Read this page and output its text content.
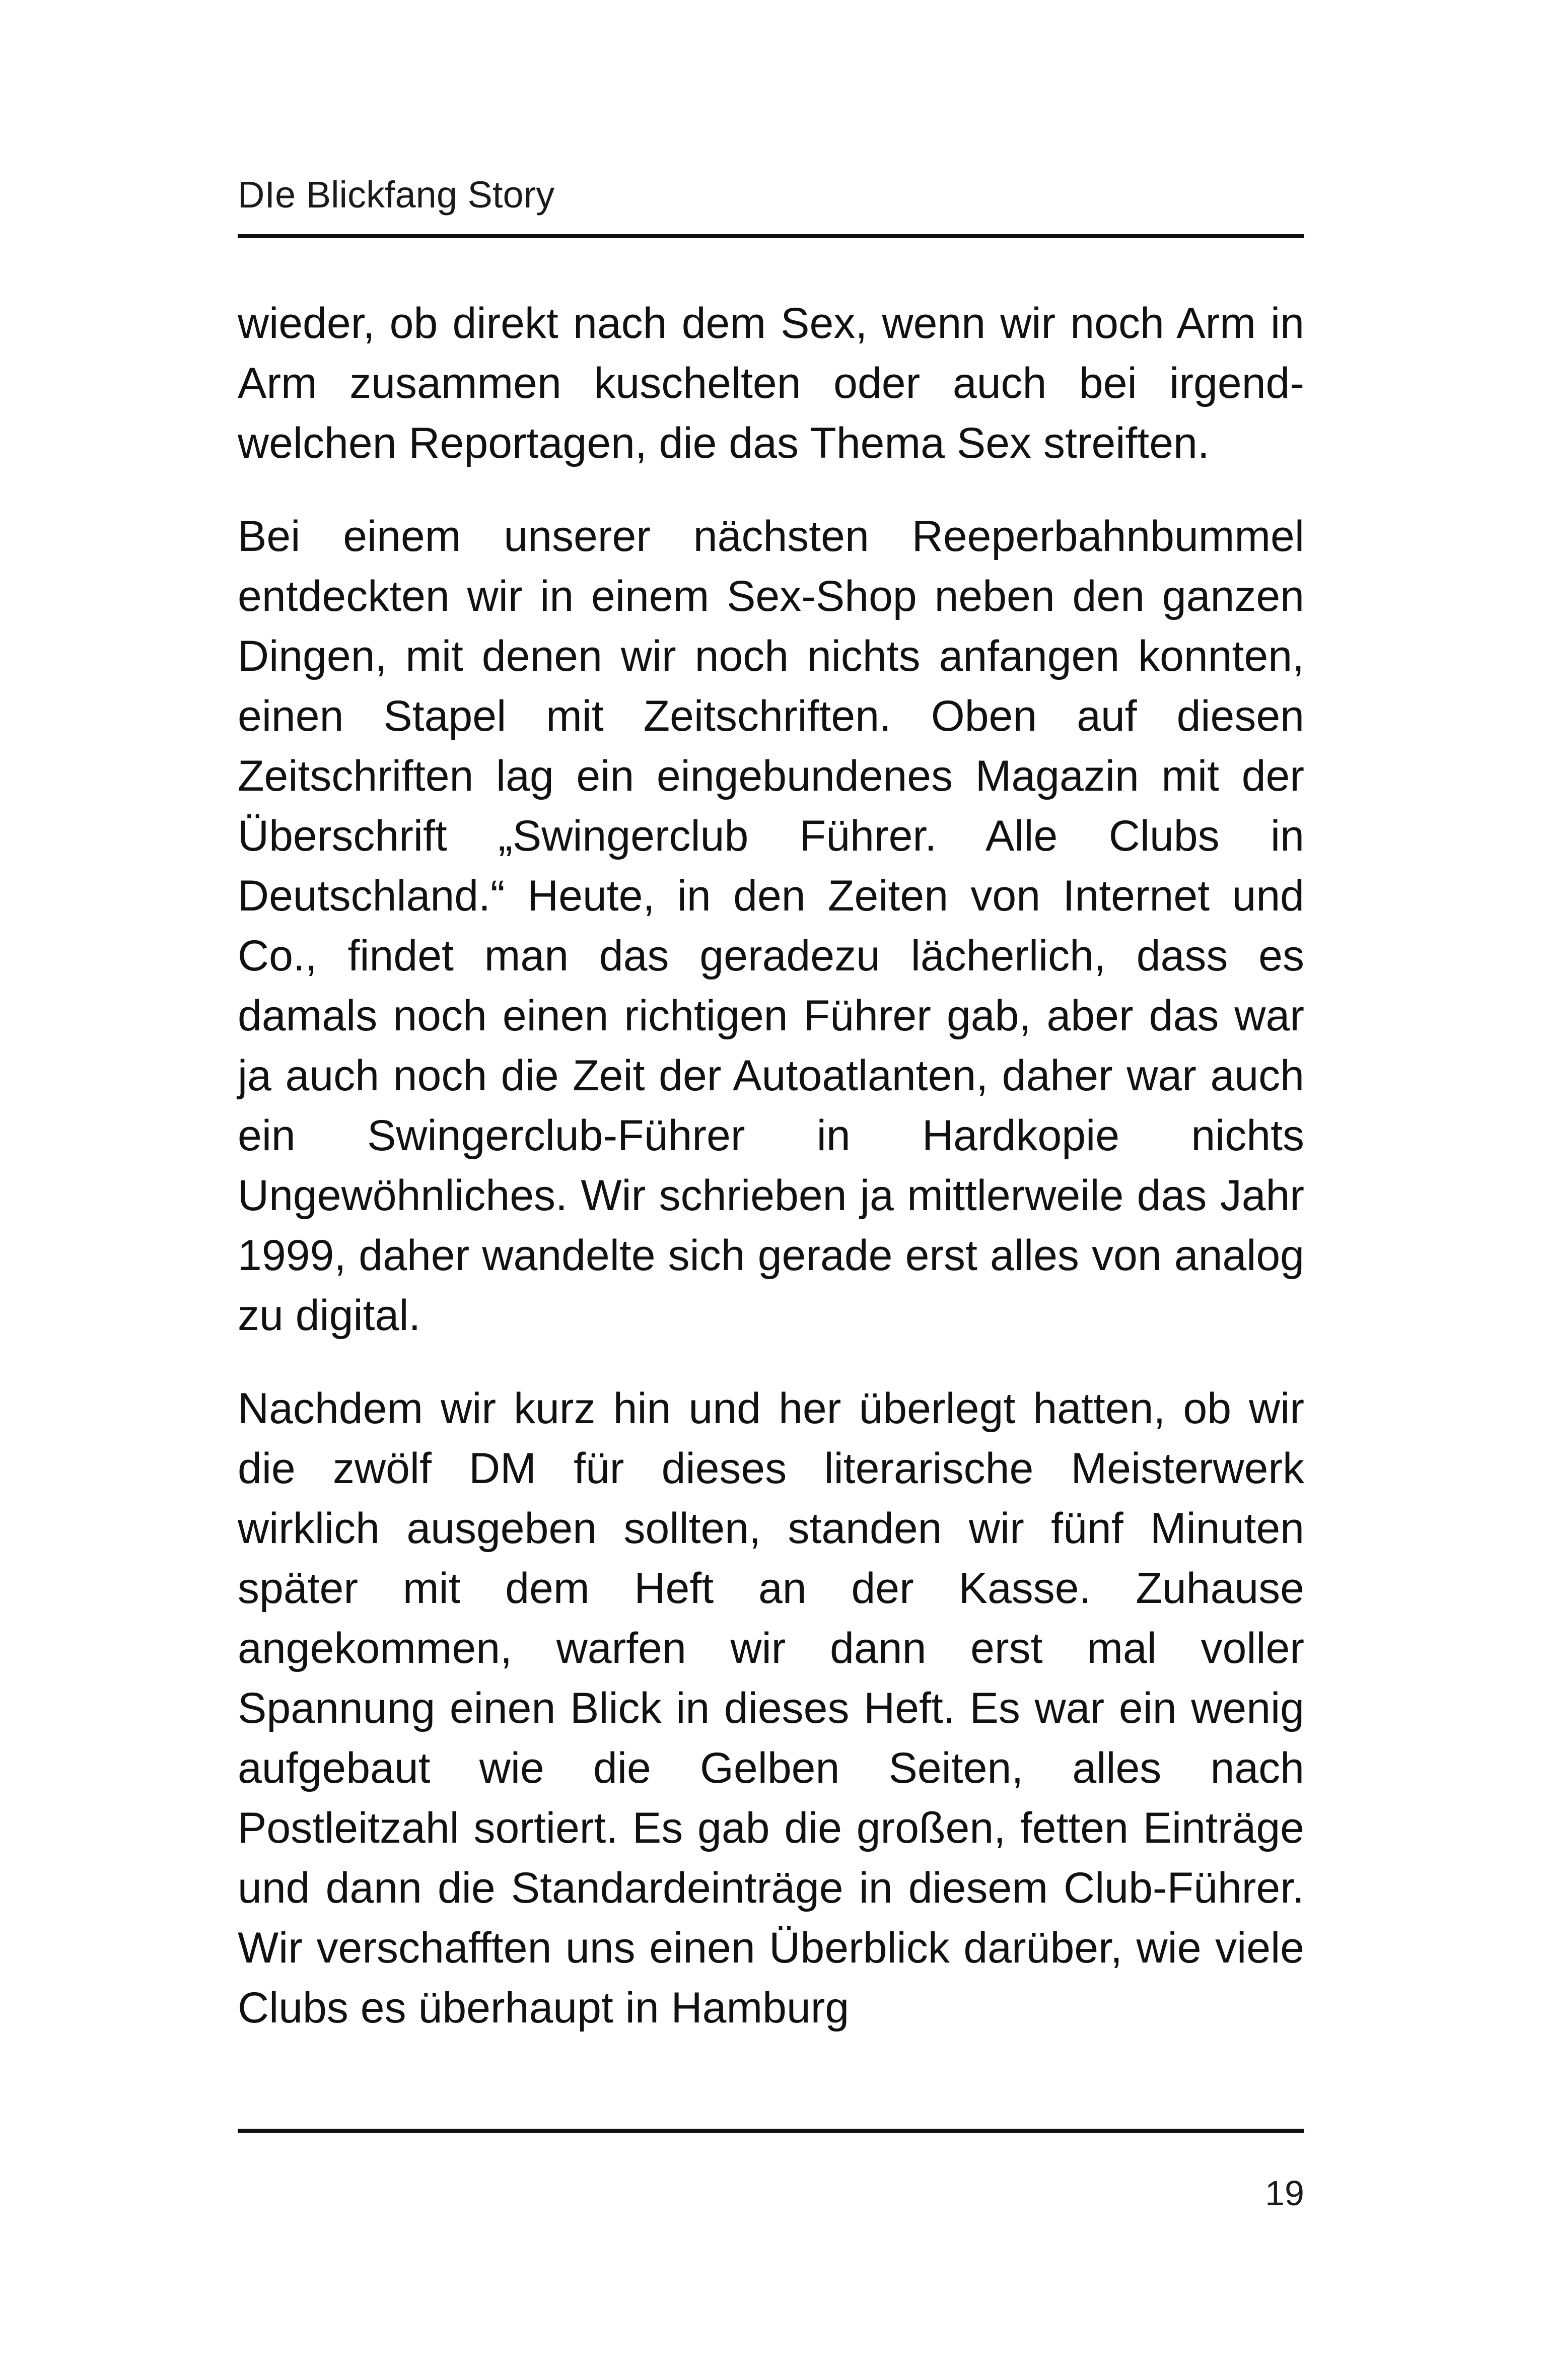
DIe Blickfang Story

wieder, ob direkt nach dem Sex, wenn wir noch Arm in Arm zusammen kuschelten oder auch bei irgendwelchen Reportagen, die das Thema Sex streiften.

Bei einem unserer nächsten Reeperbahnbummel entdeckten wir in einem Sex-Shop neben den ganzen Dingen, mit denen wir noch nichts anfangen konnten, einen Stapel mit Zeitschriften. Oben auf diesen Zeitschriften lag ein eingebundenes Magazin mit der Überschrift „Swingerclub Führer. Alle Clubs in Deutschland.“ Heute, in den Zeiten von Internet und Co., findet man das geradezu lächerlich, dass es damals noch einen richtigen Führer gab, aber das war ja auch noch die Zeit der Autoatlanten, daher war auch ein Swingerclub-Führer in Hardkopie nichts Ungewöhnliches. Wir schrieben ja mittlerweile das Jahr 1999, daher wandelte sich gerade erst alles von analog zu digital.

Nachdem wir kurz hin und her überlegt hatten, ob wir die zwölf DM für dieses literarische Meisterwerk wirklich ausgeben sollten, standen wir fünf Minuten später mit dem Heft an der Kasse. Zuhause angekommen, warfen wir dann erst mal voller Spannung einen Blick in dieses Heft. Es war ein wenig aufgebaut wie die Gelben Seiten, alles nach Postleitzahl sortiert. Es gab die großen, fetten Einträge und dann die Standardeinträge in diesem Club-Führer. Wir verschafften uns einen Überblick darüber, wie viele Clubs es überhaupt in Hamburg

19
